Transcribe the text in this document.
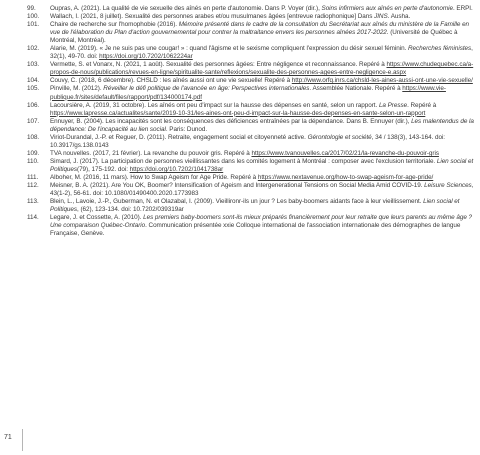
99. Oupras, A. (2021). La qualité de vie sexuelle des aînés en perte d'autonomie. Dans P. Voyer (dir.), Soins infirmiers aux aînés en perte d'autonomie. ERPI.
100. Wallach, I. (2021, 8 juillet). Sexualité des personnes arabes et/ou musulmanes âgées [entrevue radiophonique] Dans JINS. Ausha.
101. Chaire de recherche sur l'homophobie (2016). Mémoire présenté dans le cadre de la consultation du Secrétariat aux aînés du ministère de la Famille en vue de l'élaboration du Plan d'action gouvernemental pour contrer la maltraitance envers les personnes aînées 2017-2022. (Université de Québec à Montréal, Montréal).
102. Alarie, M. (2019). « Je ne suis pas une cougar! » : quand l'âgisme et le sexisme compliquent l'expression du désir sexuel féminin. Recherches féministes, 32(1), 49-70. doi: https://doi.org/10.7202/1062224ar
103. Vermette, S. et Vonarx, N. (2021, 1 août). Sexualité des personnes âgées: Entre négligence et reconnaissance. Repéré à https://www.chudequebec.ca/a-propos-de-nous/publications/revues-en-ligne/spiritualite-sante/reflexions/sexualite-des-personnes-agees-entre-negligence-e.aspx
104. Couvy, C. (2018, 6 décembre). CHSLD : les aînés aussi ont une vie sexuelle! Repéré à http://www.orfq.inrs.ca/chsld-les-aines-aussi-ont-une-vie-sexuelle/
105. Pinville, M. (2012). Réveiller le défi politique de l'avancée en âge: Perspectives internationales. Assemblée Nationale. Repéré à https://www.vie-publique.fr/sites/default/files/rapport/pdf/134000174.pdf
106. Lacoursière, A. (2019, 31 octobre). Les aînés ont peu d'impact sur la hausse des dépenses en santé, selon un rapport. La Presse. Repéré à https://www.lapresse.ca/actualites/sante/2019-10-31/les-aines-ont-peu-d-impact-sur-la-hausse-des-depenses-en-sante-selon-un-rapport
107. Ennuyer, B. (2004). Les incapacités sont les conséquences des déficiences entraînées par la dépendance. Dans B. Ennuyer (dir.), Les malentendus de la dépendance: De l'incapacité au lien social. Paris: Dunod.
108. Viriot-Durandal, J.-P. et Reguer, D. (2011). Retraite, engagement social et citoyenneté active. Gérontologie et société, 34 / 138(3), 143-164. doi: 10.3917/gs.138.0143
109. TVA nouvelles. (2017, 21 février). La revanche du pouvoir gris. Repéré à https://www.tvanouvelles.ca/2017/02/21/la-revanche-du-pouvoir-gris
110. Simard, J. (2017). La participation de personnes vieillissantes dans les comités logement à Montréal : composer avec l'exclusion territoriale. Lien social et Politiques(79), 175-192. doi: https://doi.org/10.7202/1041738ar
111. Alboher, M. (2016, 11 mars). How to Swap Ageism for Age Pride. Repéré à https://www.nextavenue.org/how-to-swap-ageism-for-age-pride/
112. Meisner, B. A. (2021). Are You OK, Boomer? Intensification of Ageism and Intergenerational Tensions on Social Media Amid COVID-19. Leisure Sciences, 43(1-2), 56-61. doi: 10.1080/01490400.2020.1773983
113. Blein, L., Lavoie, J.-P., Guberman, N. et Olazabal, I. (2009). Vieillironr-ils un jour ? Les baby-boomers aidants face à leur vieillissement. Lien social et Politiques, (62), 123-134. doi: 10.7202/039319ar
114. Legare, J. et Cossette, A. (2010). Les premiers baby-boomers sont-ils mieux préparés financièrement pour leur retraite que leurs parents au même âge ? Une comparaison Québec-Ontario. Communication présentée xxie Colloque international de l'association internationale des démographes de langue Française, Genève.
71
